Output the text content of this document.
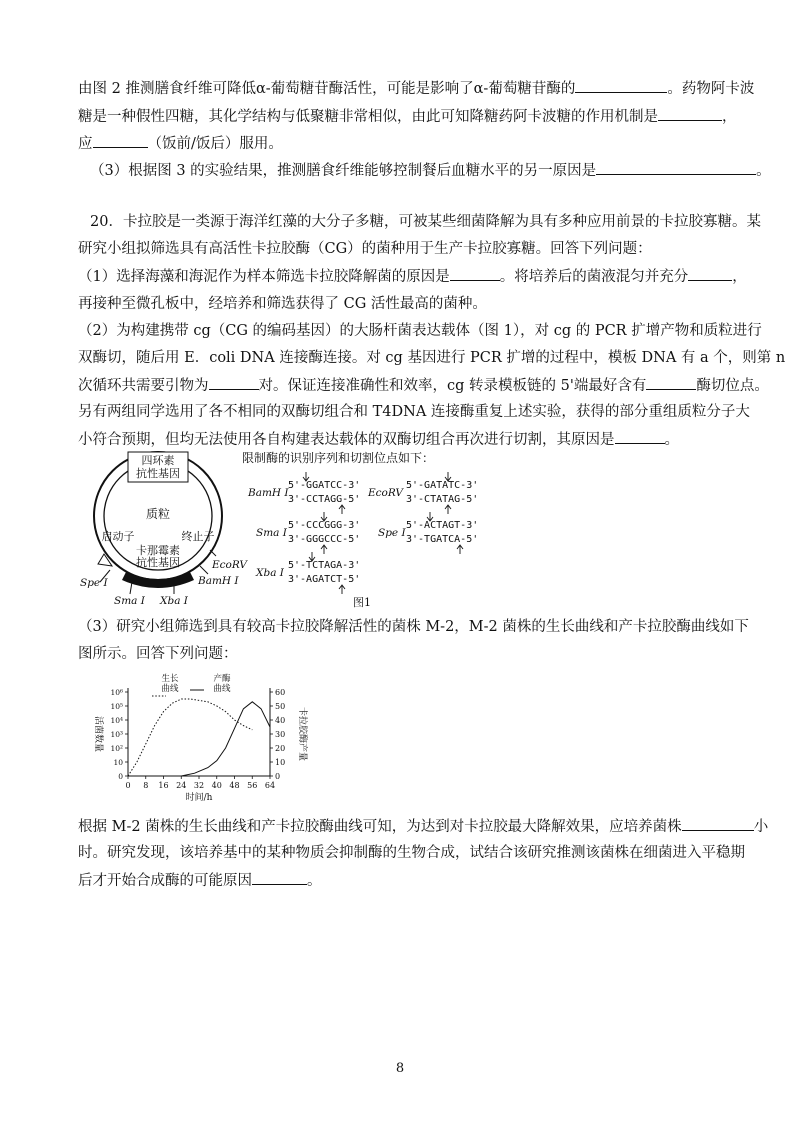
由图 2 推测膳食纤维可降低α-葡萄糖苷酶活性，可能是影响了α-葡萄糖苷酶的	。药物阿卡波
糖是一种假性四糖，其化学结构与低聚糖非常相似，由此可知降糖药阿卡波糖的作用机制是	，
应	（饭前/饭后）服用。
（3）根据图 3 的实验结果，推测膳食纤维能够控制餐后血糖水平的另一原因是	。
20．卡拉胶是一类源于海洋红藻的大分子多糖，可被某些细菌降解为具有多种应用前景的卡拉胶寡糖。某
研究小组拟筛选具有高活性卡拉胶酶（CG）的菌种用于生产卡拉胶寡糖。回答下列问题：
（1）选择海藻和海泥作为样本筛选卡拉胶降解菌的原因是	。将培养后的菌液混匀并充分	，
再接种至微孔板中，经培养和筛选获得了 CG 活性最高的菌种。
（2）为构建携带 cg（CG 的编码基因）的大肠杆菌表达载体（图 1），对 cg 的 PCR 扩增产物和质粒进行
双酶切，随后用 E．coli DNA 连接酶连接。对 cg 基因进行 PCR 扩增的过程中，模板 DNA 有 a 个，则第 n
次循环共需要引物为	对。保证连接准确性和效率，cg 转录模板链的 5'端最好含有	酶切位点。
另有两组同学选用了各不相同的双酶切组合和 T4DNA 连接酶重复上述实验，获得的部分重组质粒分子大
小符合预期，但均无法使用各自构建表达载体的双酶切组合再次进行切割，其原因是	。
四环素
抗性基因
质粒
启动子	终止子
卡那霉素
抗性基因
Spe I
Sma I Xba I
BamH I
EcoRV
限制酶的识别序列和切割位点如下：
BamH I
5'-GGATCC-3'
3'-CCTAGG-5'
EcoRV
5'-GATATC-3'
3'-CTATAG-5'
Sma I
5'-CCCGGG-3'
3'-GGGCCC-5'
Spe I
5'-ACTAGT-3'
3'-TGATCA-5'
Xba I
5'-TCTAGA-3'
3'-AGATCT-5'
图1
（3）研究小组筛选到具有较高卡拉胶降解活性的菌株 M-2，M-2 菌株的生长曲线和产卡拉胶酶曲线如下
图所示。回答下列问题：
0 8 16 24 32 40 48 56 64
0
10
10²
10³
10⁴
10⁵
10⁶
0
10
20
30
40
50
60
时间/h
活菌数量	卡拉胶酶产量
生长
曲线
产酶
曲线
根据 M-2 菌株的生长曲线和产卡拉胶酶曲线可知，为达到对卡拉胶最大降解效果，应培养菌株	小
时。研究发现，该培养基中的某种物质会抑制酶的生物合成，试结合该研究推测该菌株在细菌进入平稳期
后才开始合成酶的可能原因	。
8
